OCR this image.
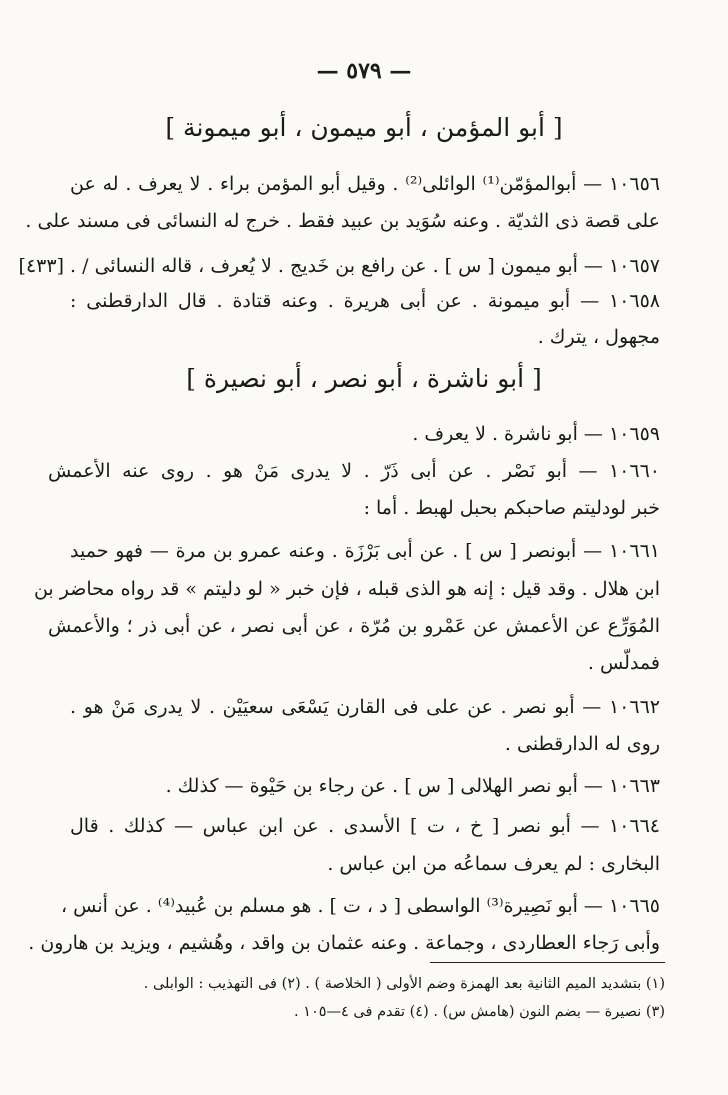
— ٥٧٩ —
[ أبو المؤمن ، أبو ميمون ، أبو ميمونة ]
١٠٦٥٦ — أبوالمؤمّن⁽¹⁾ الوائلى⁽²⁾ . وقيل أبو المؤمن براء . لا يعرف . له عن
على قصة ذى الثديّة . وعنه سُوَيد بن عبيد فقط . خرج له النسائى فى مسند على .
١٠٦٥٧ — أبو ميمون [ س ] . عن رافع بن خَديج . لا يُعرف ، قاله النسائى / . [٤٣٣]
١٠٦٥٨ — أبو ميمونة . عن أبى هريرة . وعنه قتادة . قال الدارقطنى :
مجهول ، يترك .
[ أبو ناشرة ، أبو نصر ، أبو نصيرة ]
١٠٦٥٩ — أبو ناشرة . لا يعرف .
١٠٦٦٠ — أبو نَصْر . عن أبى ذَرّ . لا يدرى مَنْ هو . روى عنه الأعمش
خبر لودليتم صاحبكم بحبل لهبط . أما :
١٠٦٦١ — أبونصر [ س ] . عن أبى بَرْزَة . وعنه عمرو بن مرة — فهو حميد
ابن هلال . وقد قيل : إنه هو الذى قبله ، فإن خبر « لو دليتم » قد رواه محاضر بن
المُوَرِّع عن الأعمش عن عَمْرو بن مُرّة ، عن أبى نصر ، عن أبى ذر ؛ والأعمش
فمدلّس .
١٠٦٦٢ — أبو نصر . عن على فى القارن يَسْعَى سعيَيْن . لا يدرى مَنْ هو .
روى له الدارقطنى .
١٠٦٦٣ — أبو نصر الهلالى [ س ] . عن رجاء بن حَيْوة — كذلك .
١٠٦٦٤ — أبو نصر [ خ ، ت ] الأسدى . عن ابن عباس — كذلك . قال
البخارى : لم يعرف سماعُه من ابن عباس .
١٠٦٦٥ — أبو نَصِيرة⁽³⁾ الواسطى [ د ، ت ] . هو مسلم بن عُبيد⁽⁴⁾ . عن أنس ،
وأبى رَجاء العطاردى ، وجماعة . وعنه عثمان بن واقد ، وهُشيم ، ويزيد بن هارون .
(١) بتشديد الميم الثانية بعد الهمزة وضم الأولى ( الخلاصة ) . (٢) فى التهذيب : الوابلى .
(٣) نصيرة — بضم النون (هامش س) . (٤) تقدم فى ٤—١٠٥ .
